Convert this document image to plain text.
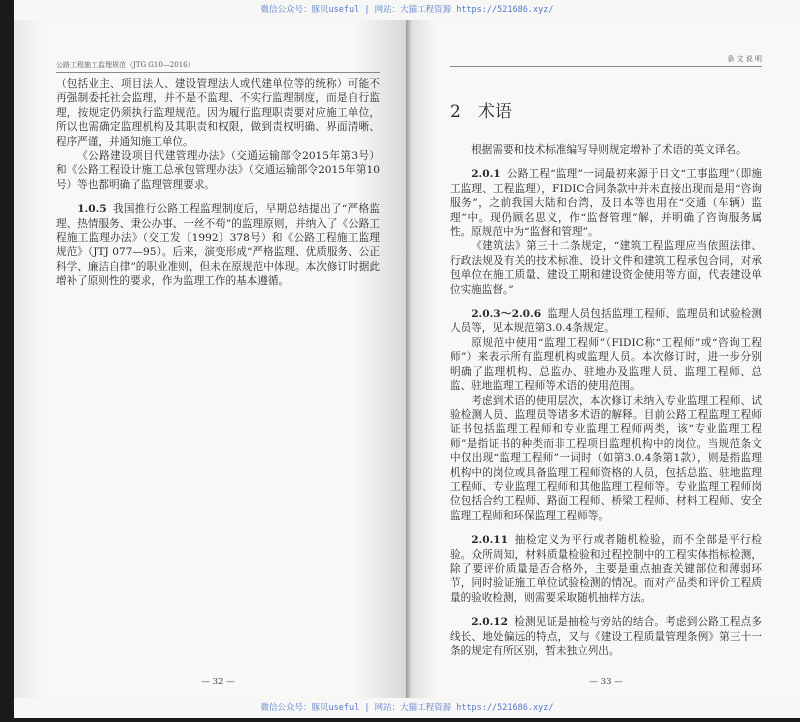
微信公众号：豚贝useful | 网站：大猫工程资源 https://521686.xyz/
公路工程施工监理规范（JTG G10—2016）

（包括业主、项目法人、建设管理法人或代建单位等的统称）可能不再强制委托社会监理，并不是不监理、不实行监理制度，而是自行监理，按规定仍须执行监理规范。因为履行监理职责要对应施工单位，所以也需确定监理机构及其职责和权限，做到责权明确、界面清晰、程序严谨，并通知施工单位。

《公路建设项目代建管理办法》（交通运输部令2015年第3号）和《公路工程设计施工总承包管理办法》（交通运输部令2015年第10号）等也都明确了监理管理要求。

1.0.5 我国推行公路工程监理制度后，早期总结提出了“严格监理、热情服务、秉公办事、一丝不苟”的监理原则，并纳入了《公路工程施工监理办法》（交工发〔1992〕378号）和《公路工程施工监理规范》（JTJ 077—95）。后来，演变形成“严格监理、优质服务、公正科学、廉洁自律”的职业准则，但未在原规范中体现。本次修订时据此增补了原则性的要求，作为监理工作的基本遵循。

— 32 —
条 文 说 明
2　术语

根据需要和技术标准编写导则规定增补了术语的英文译名。

2.0.1 公路工程“监理”一词最初来源于日文“工事监理”（即施工监理、工程监理），FIDIC合同条款中并未直接出现而是用“咨询服务”，之前我国大陆和台湾，及日本等也用在“交通（车辆）监理”中。现仍顾名思义，作“监督管理”解，并明确了咨询服务属性。原规范中为“监督和管理”。

《建筑法》第三十二条规定，“建筑工程监理应当依照法律、行政法规及有关的技术标准、设计文件和建筑工程承包合同，对承包单位在施工质量、建设工期和建设资金使用等方面，代表建设单位实施监督。”

2.0.3～2.0.6 监理人员包括监理工程师、监理员和试验检测人员等，见本规范第3.0.4条规定。

原规范中使用“监理工程师”（FIDIC称“工程师”或“咨询工程师”）来表示所有监理机构或监理人员。本次修订时，进一步分别明确了监理机构、总监办、驻地办及监理人员、监理工程师、总监、驻地监理工程师等术语的使用范围。

考虑到术语的使用层次，本次修订未纳入专业监理工程师、试验检测人员、监理员等诸多术语的解释。目前公路工程监理工程师证书包括监理工程师和专业监理工程师两类，该“专业监理工程师”是指证书的种类而非工程项目监理机构中的岗位。当规范条文中仅出现“监理工程师”一词时（如第3.0.4条第1款），则是指监理机构中的岗位或具备监理工程师资格的人员，包括总监、驻地监理工程师、专业监理工程师和其他监理工程师等。专业监理工程师岗位包括合约工程师、路面工程师、桥梁工程师、材料工程师、安全监理工程师和环保监理工程师等。

2.0.11 抽检定义为平行或者随机检验，而不全部是平行检验。众所周知，材料质量检验和过程控制中的工程实体指标检测，除了要评价质量是否合格外，主要是重点抽查关键部位和薄弱环节，同时验证施工单位试验检测的情况。而对产品类和评价工程质量的验收检测，则需要采取随机抽样方法。

2.0.12 检测见证是抽检与旁站的结合。考虑到公路工程点多线长、地处偏远的特点，又与《建设工程质量管理条例》第三十一条的规定有所区别，暂未独立列出。

— 33 —
微信公众号：豚贝useful | 网站：大猫工程资源 https://521686.xyz/
